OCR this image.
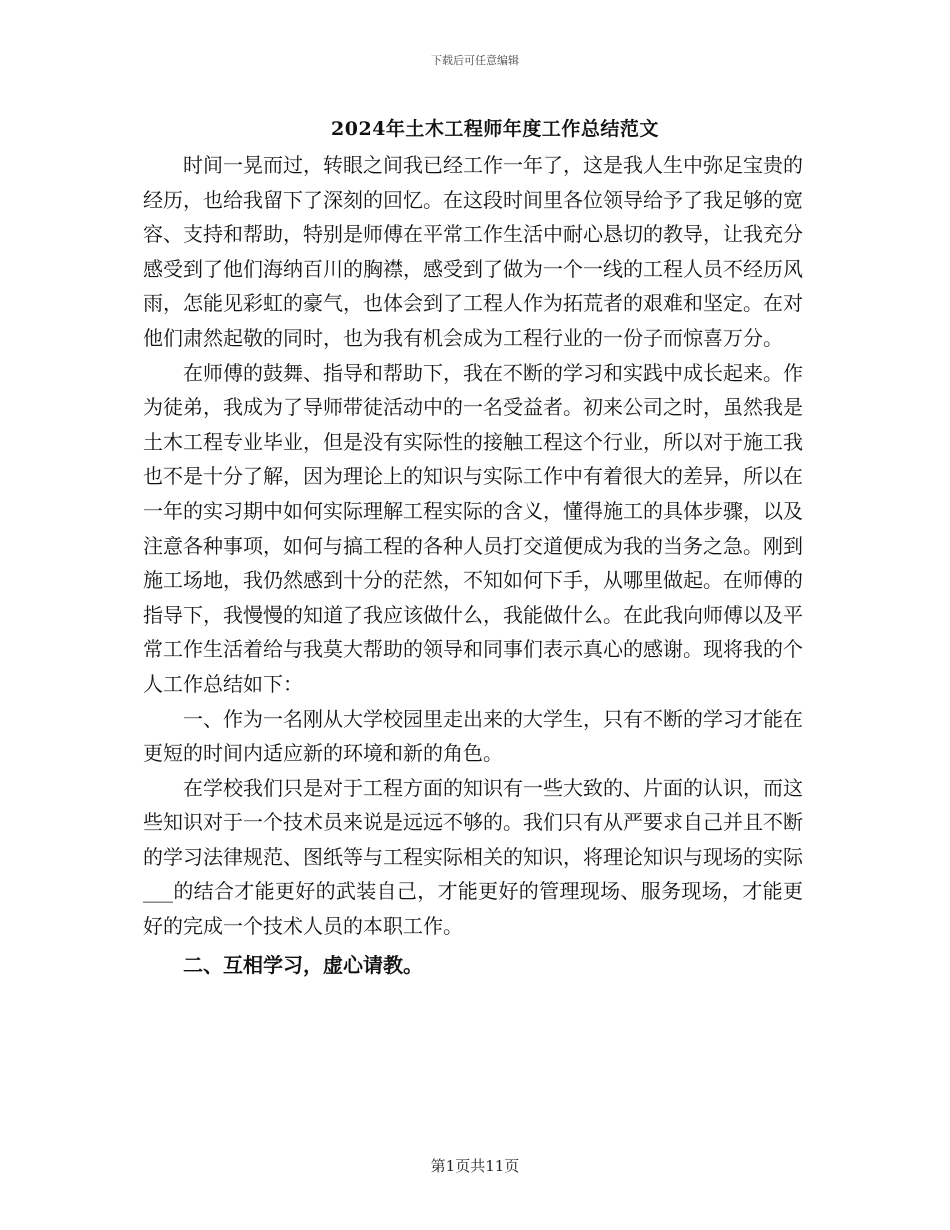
下载后可任意编辑
2024年土木工程师年度工作总结范文

时间一晃而过，转眼之间我已经工作一年了，这是我人生中弥足宝贵的经历，也给我留下了深刻的回忆。在这段时间里各位领导给予了我足够的宽容、支持和帮助，特别是师傅在平常工作生活中耐心恳切的教导，让我充分感受到了他们海纳百川的胸襟，感受到了做为一个一线的工程人员不经历风雨，怎能见彩虹的豪气，也体会到了工程人作为拓荒者的艰难和坚定。在对他们肃然起敬的同时，也为我有机会成为工程行业的一份子而惊喜万分。

在师傅的鼓舞、指导和帮助下，我在不断的学习和实践中成长起来。作为徒弟，我成为了导师带徒活动中的一名受益者。初来公司之时，虽然我是土木工程专业毕业，但是没有实际性的接触工程这个行业，所以对于施工我也不是十分了解，因为理论上的知识与实际工作中有着很大的差异，所以在一年的实习期中如何实际理解工程实际的含义，懂得施工的具体步骤，以及注意各种事项，如何与搞工程的各种人员打交道便成为我的当务之急。刚到施工场地，我仍然感到十分的茫然，不知如何下手，从哪里做起。在师傅的指导下，我慢慢的知道了我应该做什么，我能做什么。在此我向师傅以及平常工作生活着给与我莫大帮助的领导和同事们表示真心的感谢。现将我的个人工作总结如下：

一、作为一名刚从大学校园里走出来的大学生，只有不断的学习才能在更短的时间内适应新的环境和新的角色。

在学校我们只是对于工程方面的知识有一些大致的、片面的认识，而这些知识对于一个技术员来说是远远不够的。我们只有从严要求自己并且不断的学习法律规范、图纸等与工程实际相关的知识，将理论知识与现场的实际___的结合才能更好的武装自己，才能更好的管理现场、服务现场，才能更好的完成一个技术人员的本职工作。

二、互相学习，虚心请教。

第1页共11页
